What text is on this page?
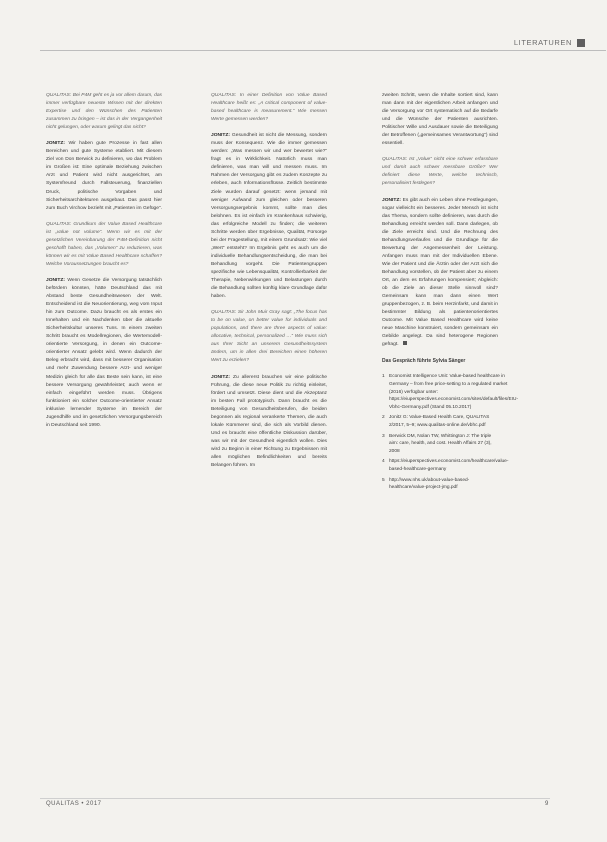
LITERATUREN

QUALITAS: Bei P4M geht es ja vor allem darum, das immer verfügbare neueste Wissen mit der direkten Expertise und den Wünschen des Patienten zusammen zu bringen – ist das in der Vergangenheit nicht gelungen, oder warum gelingt das nicht?

JONITZ: Wir haben gute Prozesse in fast allen Bereichen und gute Systeme etabliert. Mit diesem Ziel von Don Berwick zu definieren, wo das Problem im Großen ist: Eine optimale Beziehung zwischen Arzt und Patient wird nicht ausgerichtet, am Systemfreund durch Fallsteuerung, finanziellen Druck, politische Vorgaben und Sicherheitsarchitekturen ausgebaut. Das passt hier zum Buch Virchow bezieht mit „Patienten im Gefüge“.

QUALITAS: Grundkurs der Value Based Healthcare ist „value not volume“. Wenn wir es mit der gesetzlichen Vereinbarung der P4M-Definition nicht geschafft haben, das „Volumen“ zu reduzieren, was können wir es mit Value Based Healthcare schaffen? Welche Voraussetzungen braucht es?

JONITZ: Wenn Gesetze die Versorgung tatsächlich befördern könnten, hätte Deutschland das mit Abstand beste Gesundheitswesen der Welt. Entscheidend ist die Neuorientierung, weg vom Input hin zum Outcome. Dazu braucht es als erstes ein Innehalten und ein Nachdenken über die aktuelle Sicherheitskultur unseres Tuns. In einem zweiten Schritt braucht es Modellregionen, die Wertemodell-orientierte Versorgung, in denen ein Outcome-orientierter Ansatz gelebt wird. Wenn dadurch der Beleg erbracht wird, dass mit besserer Organisation und mehr Zuwendung bessere Arzt- und weniger Medizin gleich für alle das Beste sein kann, ist eine bessere Versorgung gewährleistet; auch wenn er einfach eingeführt werden muss. Übrigens funktioniert ein solcher Outcome-orientierter Ansatz inklusive lernender Systeme im Bereich der Jugendhilfe und im gesetzlichen Versorgungsbereich in Deutschland seit 1990.

QUALITAS: In einer Definition von Value Based Healthcare heißt es: „A critical component of value-based healthcare is measurement.“ Wie messen Werte gemessen werden?

JONITZ: Gesundheit ist nicht die Messung, sondern muss der Konsequenz. Wie die immer gemessen werden: „Was messen wir und wer bewertet wie?“ fragt es in Wirklichkeit. Natürlich muss man definieren, was man will und messen muss. Im Rahmen der Versorgung gibt es zudem Konzepte zu erleben, auch Informationsflüsse. Zeitlich bestimmte Ziele wurden darauf gesetzt: wenn jemand mit weniger Aufwand zum gleichen oder besseren Versorgungsergebnis kommt, sollte man dies belohnen. Es ist einfach im Krankenhaus schwierig, das erfolgreiche Modell zu finden; die weiteren Schritte werden über Ergebnisse, Qualität, Fürsorge bei der Fragestellung, mit einem Grundsatz: Wie viel „Wert“ entsteht? Im Ergebnis geht es auch um die individuelle Behandlungsentscheidung, die man bei Behandlung vorgeht. Die Patientengruppen spezifische wie Lebensqualität, Kontrollierbarkeit der Therapie, Nebenwirkungen und Belastungen durch die Behandlung sollten künftig klare Grundlage dafür haben.

QUALITAS: Sir John Muir Gray sagt: „The focus has to be on value, on better value for individuals and populations, and there are three aspects of value: allocative, technical, personalized …“ Wie muss sich aus Ihrer Sicht an unserem Gesundheitssystem ändern, um in allen drei Bereichen einen höheren Wert zu erzielen?

JONITZ: Zu allererst brauchen wir eine politische Führung, die diese neue Politik zu richtig einleitet, fördert und umsetzt. Diese dient und die Akzeptanz im besten Fall prototypisch. Dann braucht es die Beteiligung von Gesundheitsberufen, die beiden begonnen als regional verankerte Themen, die auch lokale Kümmerer sind, die sich als Vorbild dienen. Und es braucht eine öffentliche Diskussion darüber, was wir mit der Gesundheit eigentlich wollen. Dies wird zu Beginn in einer Richtung zu Ergebnissen mit allen möglichen Befindlichkeiten und bereits Belangen führen. Im

zweiten Schritt, wenn die Inhalte sortiert sind, kann man dann mit der eigentlichen Arbeit anfangen und die Versorgung vor Ort systematisch auf die Bedarfe und die Wünsche der Patienten ausrichten. Politischer Wille und Ausdauer sowie die Beteiligung der Betroffenen („gemeinsames Verantwortung“) sind essentiell.

QUALITAS: Ist „Value“ nicht eine schwer erfassbare und damit auch schwer messbare Größe? Wer definiert diese Werte, welche technisch, personalisiert festlegen?

JONITZ: Es gibt auch ein Leben ohne Festlegungen, sogar vielleicht ein besseres. Jeder Mensch ist nicht das Thema, sondern sollte definieren, was durch die Behandlung erreicht werden soll. Dann darlegen, ob die Ziele erreicht sind. Und die Rechnung des Behandlungsverlaufes und die Grundlage für die Bewertung der Angemessenheit der Leistung. Anfangen muss man mit der Individuellen Ebene. Wie der Patient und die Ärztin oder der Arzt sich die Behandlung vorstellen, ob der Patient aber zu einem Ort, an dem es Erfahrungen kompensiert; Abgleich: ob die Ziele an dieser Stelle sinnvoll sind? Gemeinsam kann man dann einen Wert gruppenbezogen, z. B. beim Herzinfarkt, und damit in bestimmter Bildung als patientenorientiertes Outcome. Mit Value Based Healthcare wird keine neue Maschine konstruiert, sondern gemeinsam ein Gebilde angelegt. Da sind heterogene Regionen gefragt.

Das Gespräch führte Sylvia Sänger

1 Economist Intelligence Unit: Value-based healthcare in Germany – from free price-setting to a regulated market (2016) verfügbar unter: https://eiuperspectives.economist.com/sites/default/files/EIU-Vbhc-Germany.pdf (Stand 05.10.2017)
2 Jonitz G: Value-Based Health Care, QUALITAS 2/2017, 5–9; www.qualitas-online.de/vbhc.pdf
3 Berwick DM, Nolan TW, Whittington J: The triple aim: care, health, and cost. Health Affairs 27 (3), 2008
4 https://eiuperspectives.economist.com/healthcare/value-based-healthcare-germany
5 http://www.nhs.uk/about-value-based-healthcare/value-project-jmg.pdf
QUALITAS • 2017	9
